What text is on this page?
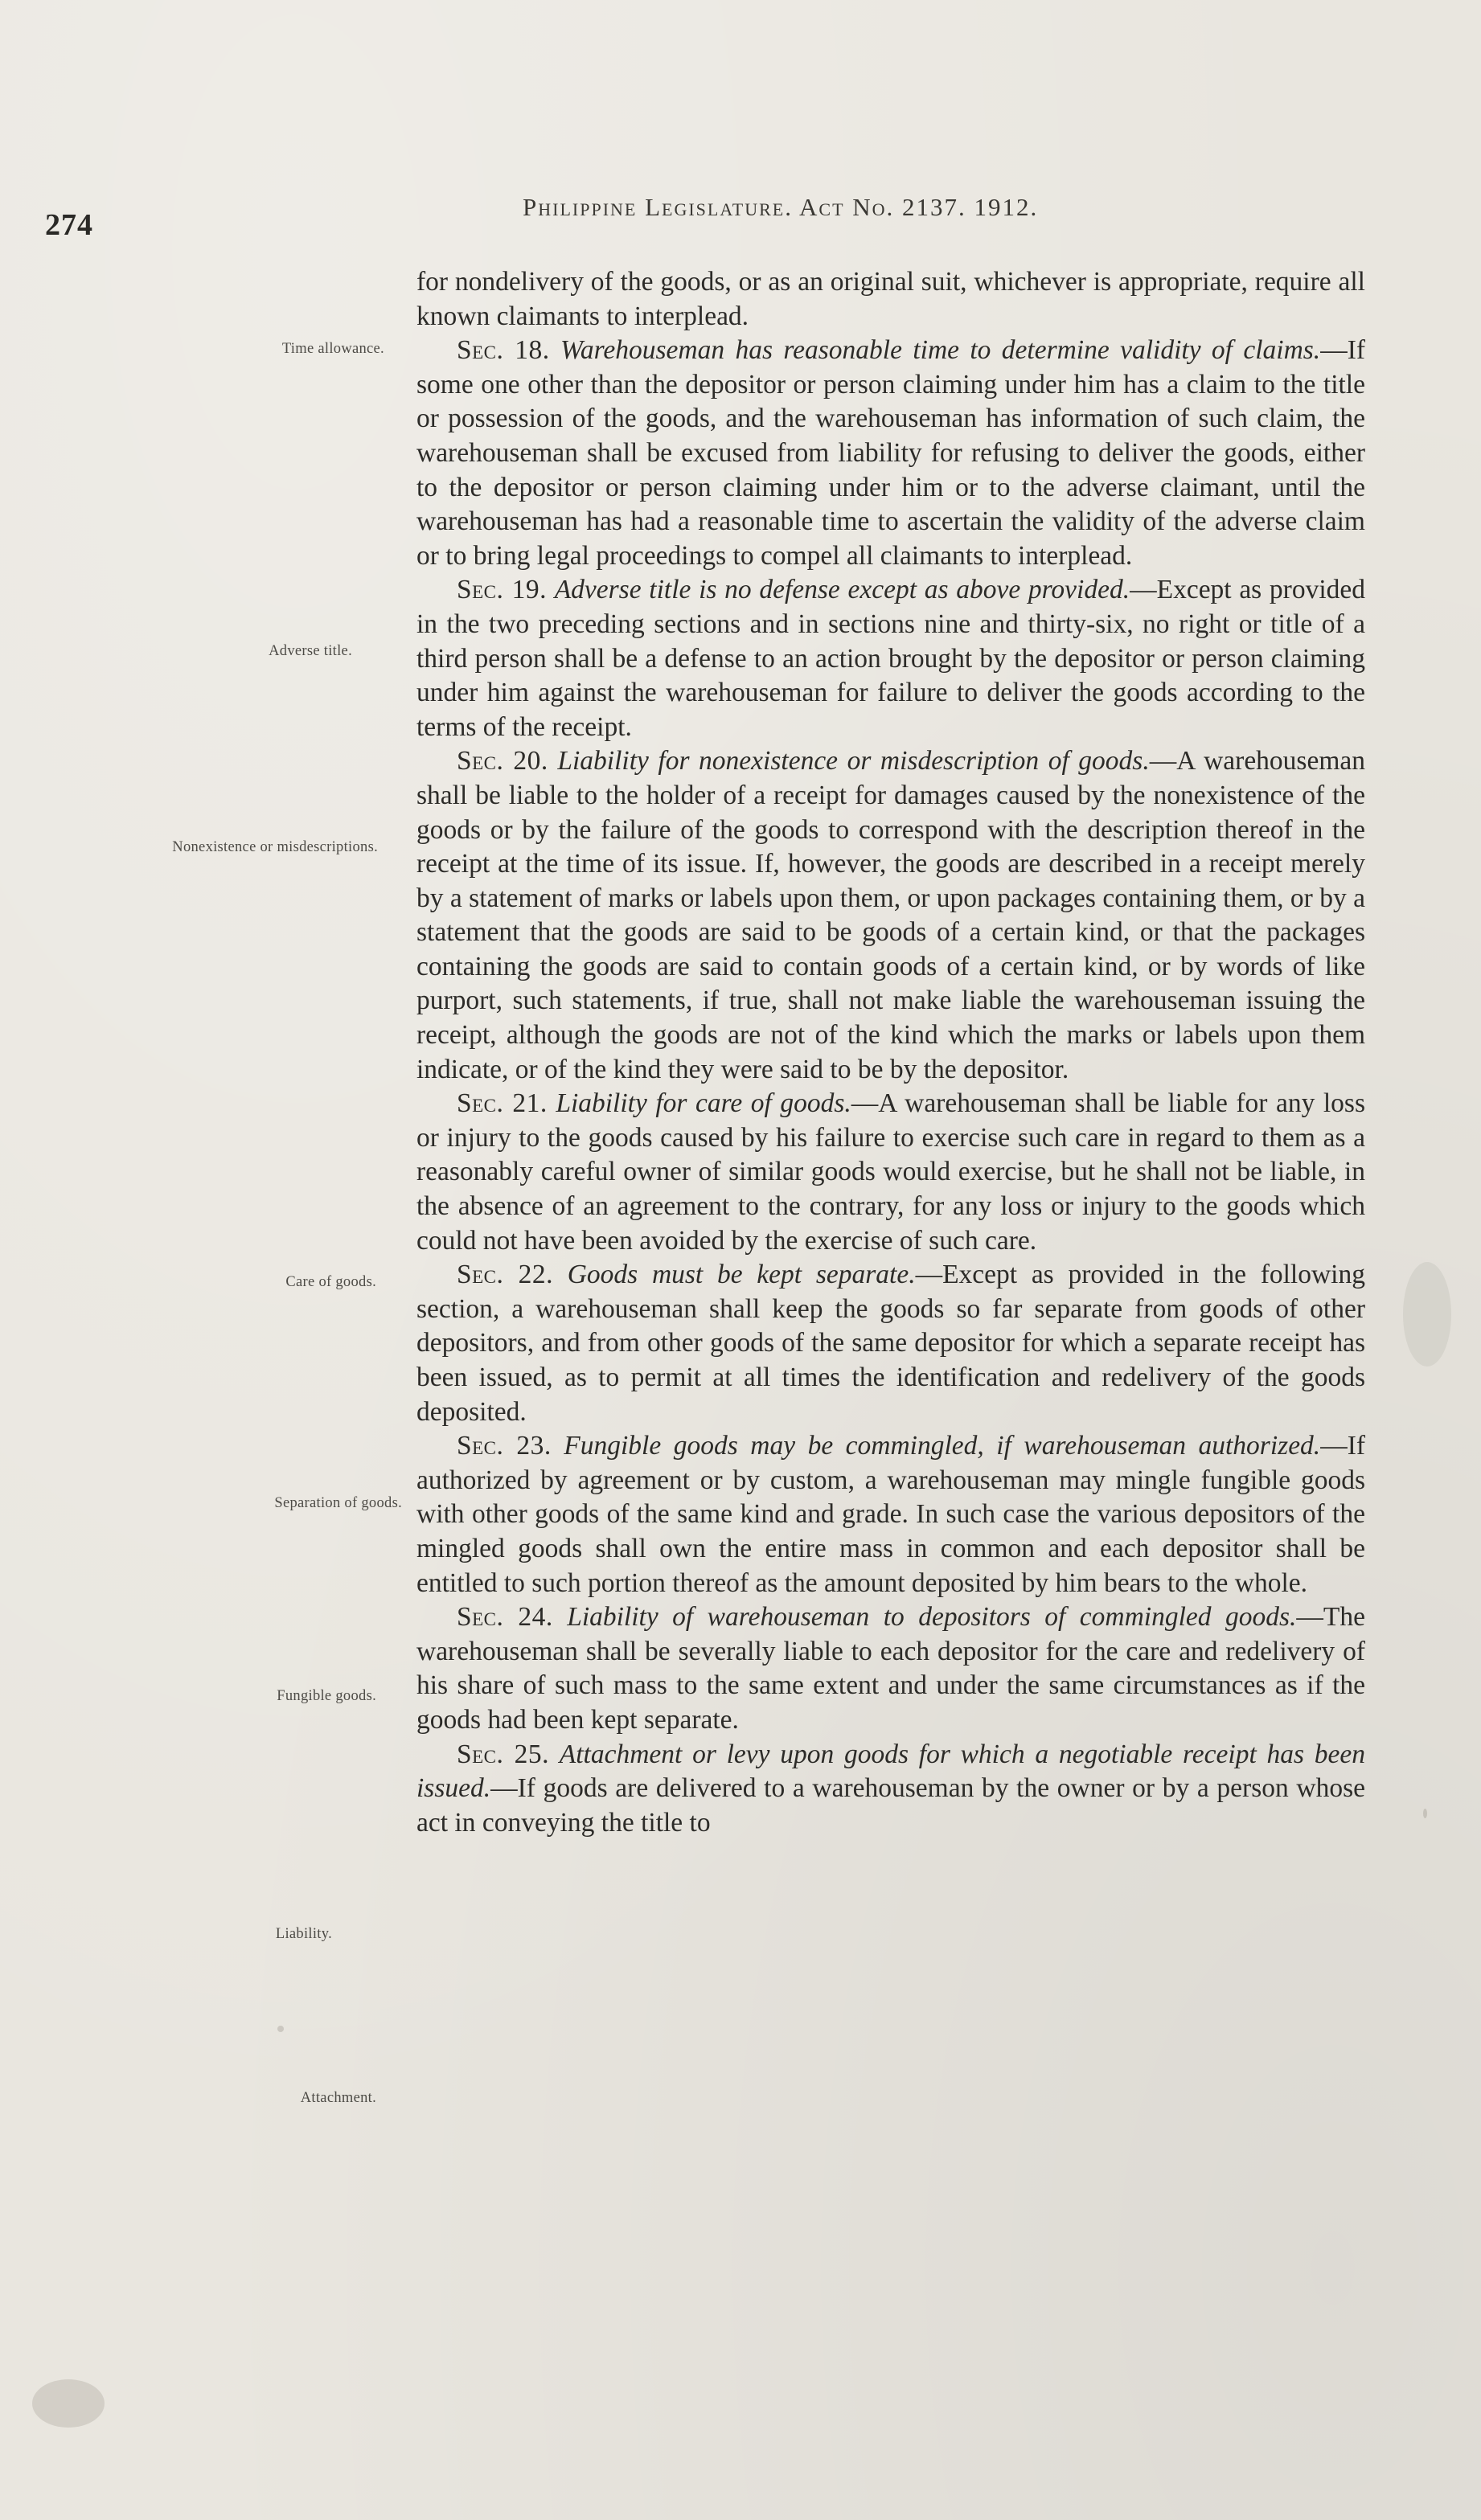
274
Philippine Legislature. Act No. 2137. 1912.
Time allowance.
Adverse title.
Nonexistence or misdescriptions.
Care of goods.
Separation of goods.
Fungible goods.
Liability.
Attachment.

for nondelivery of the goods, or as an original suit, whichever is appropriate, require all known claimants to interplead.

Sec. 18. Warehouseman has reasonable time to determine validity of claims.—If some one other than the depositor or person claiming under him has a claim to the title or possession of the goods, and the warehouseman has information of such claim, the warehouseman shall be excused from liability for refusing to deliver the goods, either to the depositor or person claiming under him or to the adverse claimant, until the warehouseman has had a reasonable time to ascertain the validity of the adverse claim or to bring legal proceedings to compel all claimants to interplead.

Sec. 19. Adverse title is no defense except as above provided.—Except as provided in the two preceding sections and in sections nine and thirty-six, no right or title of a third person shall be a defense to an action brought by the depositor or person claiming under him against the warehouseman for failure to deliver the goods according to the terms of the receipt.

Sec. 20. Liability for nonexistence or misdescription of goods.—A warehouseman shall be liable to the holder of a receipt for damages caused by the nonexistence of the goods or by the failure of the goods to correspond with the description thereof in the receipt at the time of its issue. If, however, the goods are described in a receipt merely by a statement of marks or labels upon them, or upon packages containing them, or by a statement that the goods are said to be goods of a certain kind, or that the packages containing the goods are said to contain goods of a certain kind, or by words of like purport, such statements, if true, shall not make liable the warehouseman issuing the receipt, although the goods are not of the kind which the marks or labels upon them indicate, or of the kind they were said to be by the depositor.

Sec. 21. Liability for care of goods.—A warehouseman shall be liable for any loss or injury to the goods caused by his failure to exercise such care in regard to them as a reasonably careful owner of similar goods would exercise, but he shall not be liable, in the absence of an agreement to the contrary, for any loss or injury to the goods which could not have been avoided by the exercise of such care.

Sec. 22. Goods must be kept separate.—Except as provided in the following section, a warehouseman shall keep the goods so far separate from goods of other depositors, and from other goods of the same depositor for which a separate receipt has been issued, as to permit at all times the identification and redelivery of the goods deposited.

Sec. 23. Fungible goods may be commingled, if warehouseman authorized.—If authorized by agreement or by custom, a warehouseman may mingle fungible goods with other goods of the same kind and grade. In such case the various depositors of the mingled goods shall own the entire mass in common and each depositor shall be entitled to such portion thereof as the amount deposited by him bears to the whole.

Sec. 24. Liability of warehouseman to depositors of commingled goods.—The warehouseman shall be severally liable to each depositor for the care and redelivery of his share of such mass to the same extent and under the same circumstances as if the goods had been kept separate.

Sec. 25. Attachment or levy upon goods for which a negotiable receipt has been issued.—If goods are delivered to a warehouseman by the owner or by a person whose act in conveying the title to
